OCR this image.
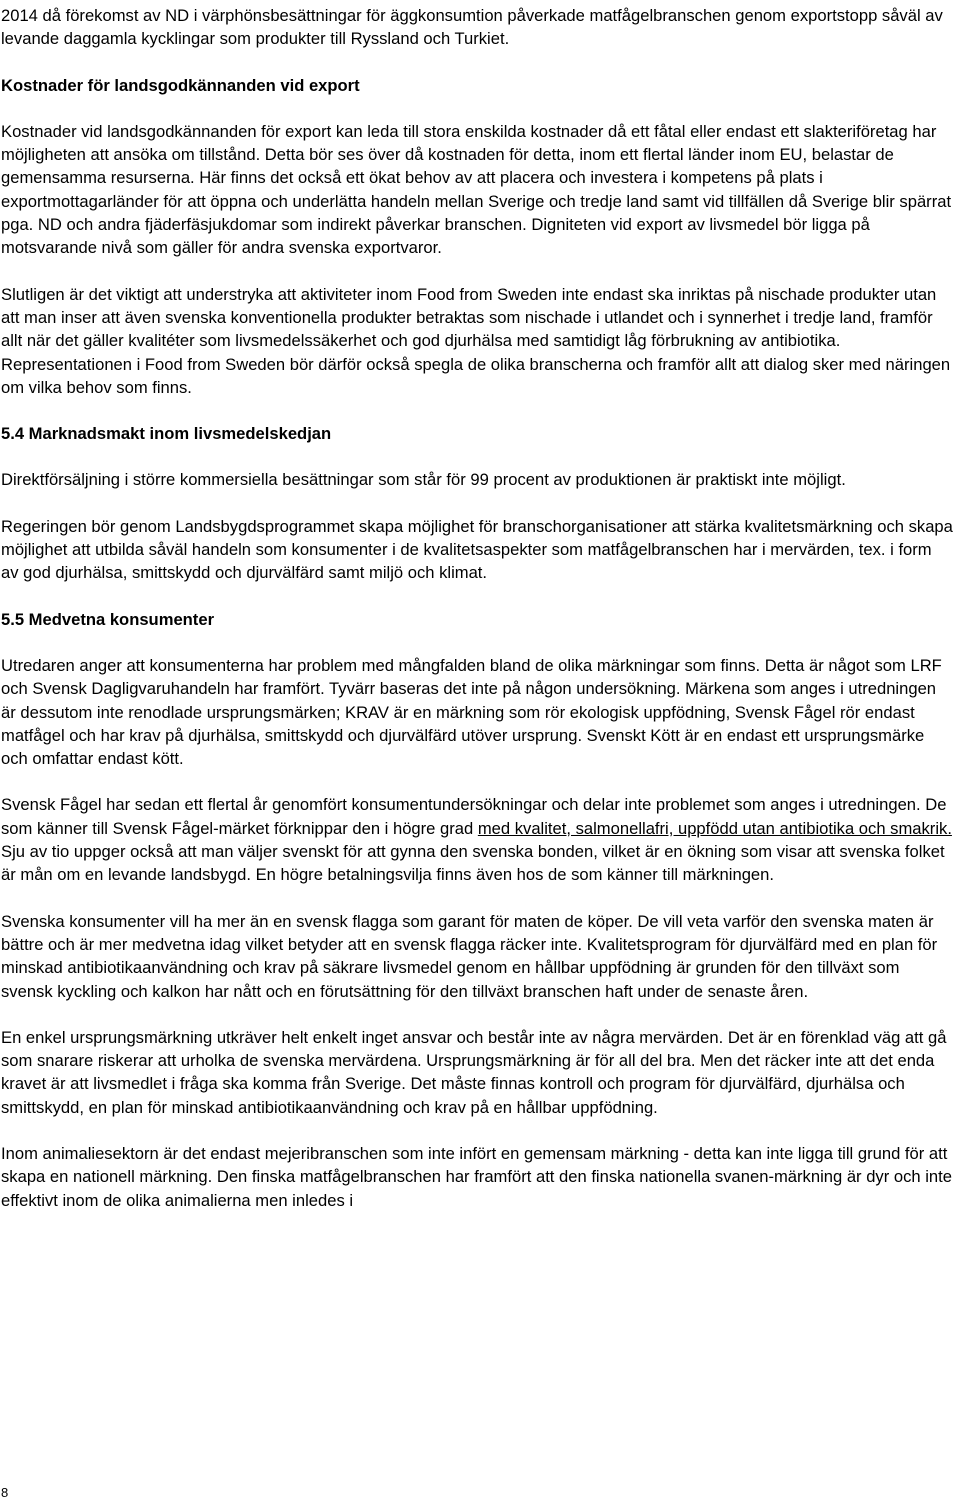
2014 då förekomst av ND i värphönsbesättningar för äggkonsumtion påverkade matfågelbranschen genom exportstopp såväl av levande daggamla kycklingar som produkter till Ryssland och Turkiet.

Kostnader för landsgodkännanden vid export

Kostnader vid landsgodkännanden för export kan leda till stora enskilda kostnader då ett fåtal eller endast ett slakteriföretag har möjligheten att ansöka om tillstånd. Detta bör ses över då kostnaden för detta, inom ett flertal länder inom EU, belastar de gemensamma resurserna. Här finns det också ett ökat behov av att placera och investera i kompetens på plats i exportmottagarländer för att öppna och underlätta handeln mellan Sverige och tredje land samt vid tillfällen då Sverige blir spärrat pga. ND och andra fjäderfäsjukdomar som indirekt påverkar branschen. Digniteten vid export av livsmedel bör ligga på motsvarande nivå som gäller för andra svenska exportvaror.

Slutligen är det viktigt att understryka att aktiviteter inom Food from Sweden inte endast ska inriktas på nischade produkter utan att man inser att även svenska konventionella produkter betraktas som nischade i utlandet och i synnerhet i tredje land, framför allt när det gäller kvalitéter som livsmedelssäkerhet och god djurhälsa med samtidigt låg förbrukning av antibiotika. Representationen i Food from Sweden bör därför också spegla de olika branscherna och framför allt att dialog sker med näringen om vilka behov som finns.

5.4 Marknadsmakt inom livsmedelskedjan

Direktförsäljning i större kommersiella besättningar som står för 99 procent av produktionen är praktiskt inte möjligt.

Regeringen bör genom Landsbygdsprogrammet skapa möjlighet för branschorganisationer att stärka kvalitetsmärkning och skapa möjlighet att utbilda såväl handeln som konsumenter i de kvalitetsaspekter som matfågelbranschen har i mervärden, tex. i form av god djurhälsa, smittskydd och djurvälfärd samt miljö och klimat.

5.5 Medvetna konsumenter

Utredaren anger att konsumenterna har problem med mångfalden bland de olika märkningar som finns. Detta är något som LRF och Svensk Dagligvaruhandeln har framfört. Tyvärr baseras det inte på någon undersökning. Märkena som anges i utredningen är dessutom inte renodlade ursprungsmärken; KRAV är en märkning som rör ekologisk uppfödning, Svensk Fågel rör endast matfågel och har krav på djurhälsa, smittskydd och djurvälfärd utöver ursprung. Svenskt Kött är en endast ett ursprungsmärke och omfattar endast kött.

Svensk Fågel har sedan ett flertal år genomfört konsumentundersökningar och delar inte problemet som anges i utredningen. De som känner till Svensk Fågel-märket förknippar den i högre grad med kvalitet, salmonellafri, uppfödd utan antibiotika och smakrik. Sju av tio uppger också att man väljer svenskt för att gynna den svenska bonden, vilket är en ökning som visar att svenska folket är mån om en levande landsbygd. En högre betalningsvilja finns även hos de som känner till märkningen.

Svenska konsumenter vill ha mer än en svensk flagga som garant för maten de köper. De vill veta varför den svenska maten är bättre och är mer medvetna idag vilket betyder att en svensk flagga räcker inte. Kvalitetsprogram för djurvälfärd med en plan för minskad antibiotikaanvändning och krav på säkrare livsmedel genom en hållbar uppfödning är grunden för den tillväxt som svensk kyckling och kalkon har nått och en förutsättning för den tillväxt branschen haft under de senaste åren.

En enkel ursprungsmärkning utkräver helt enkelt inget ansvar och består inte av några mervärden. Det är en förenklad väg att gå som snarare riskerar att urholka de svenska mervärdena. Ursprungsmärkning är för all del bra. Men det räcker inte att det enda kravet är att livsmedlet i fråga ska komma från Sverige. Det måste finnas kontroll och program för djurvälfärd, djurhälsa och smittskydd, en plan för minskad antibiotikaanvändning och krav på en hållbar uppfödning.

Inom animaliesektorn är det endast mejeribranschen som inte infört en gemensam märkning - detta kan inte ligga till grund för att skapa en nationell märkning. Den finska matfågelbranschen har framfört att den finska nationella svanen-märkning är dyr och inte effektivt inom de olika animalierna men inledes i

8
